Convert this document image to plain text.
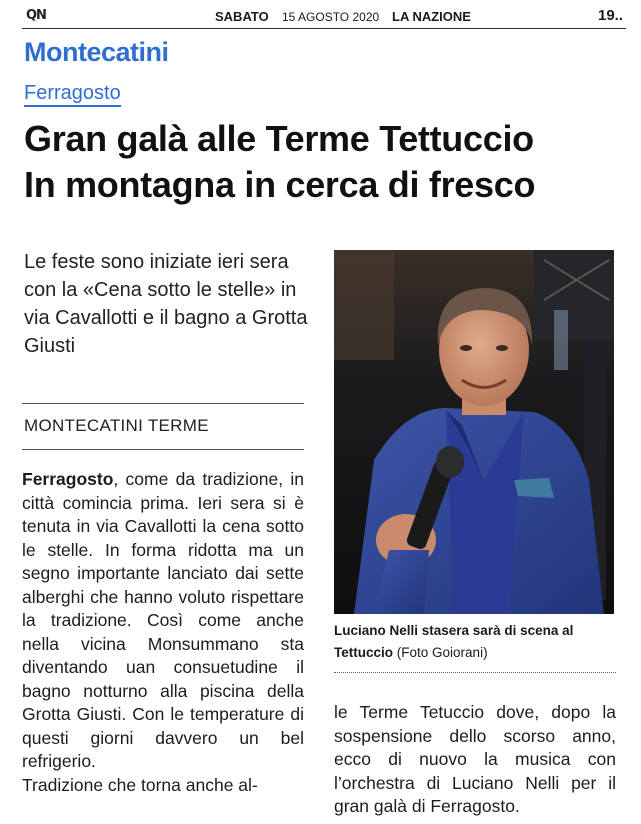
QN	SABATO 15 AGOSTO 2020 LA NAZIONE	19..
Montecatini
Ferragosto
Gran galà alle Terme Tettuccio
In montagna in cerca di fresco
Le feste sono iniziate ieri sera con la «Cena sotto le stelle» in via Cavallotti e il bagno a Grotta Giusti
MONTECATINI TERME

Ferragosto, come da tradizione, in città comincia prima. Ieri sera si è tenuta in via Cavallotti la cena sotto le stelle. In forma ridotta ma un segno importante lanciato dai sette alberghi che hanno voluto rispettare la tradizione. Così come anche nella vicina Monsummano sta diventando uan consuetudine il bagno notturno alla piscina della Grotta Giusti. Con le temperature di questi giorni davvero un bel refrigerio.

Tradizione che torna anche al-

Luciano Nelli stasera sarà di scena al Tettuccio (Foto Goiorani)
le Terme Tetuccio dove, dopo la sospensione dello scorso anno, ecco di nuovo la musica con l’orchestra di Luciano Nelli per il gran galà di Ferragosto.
